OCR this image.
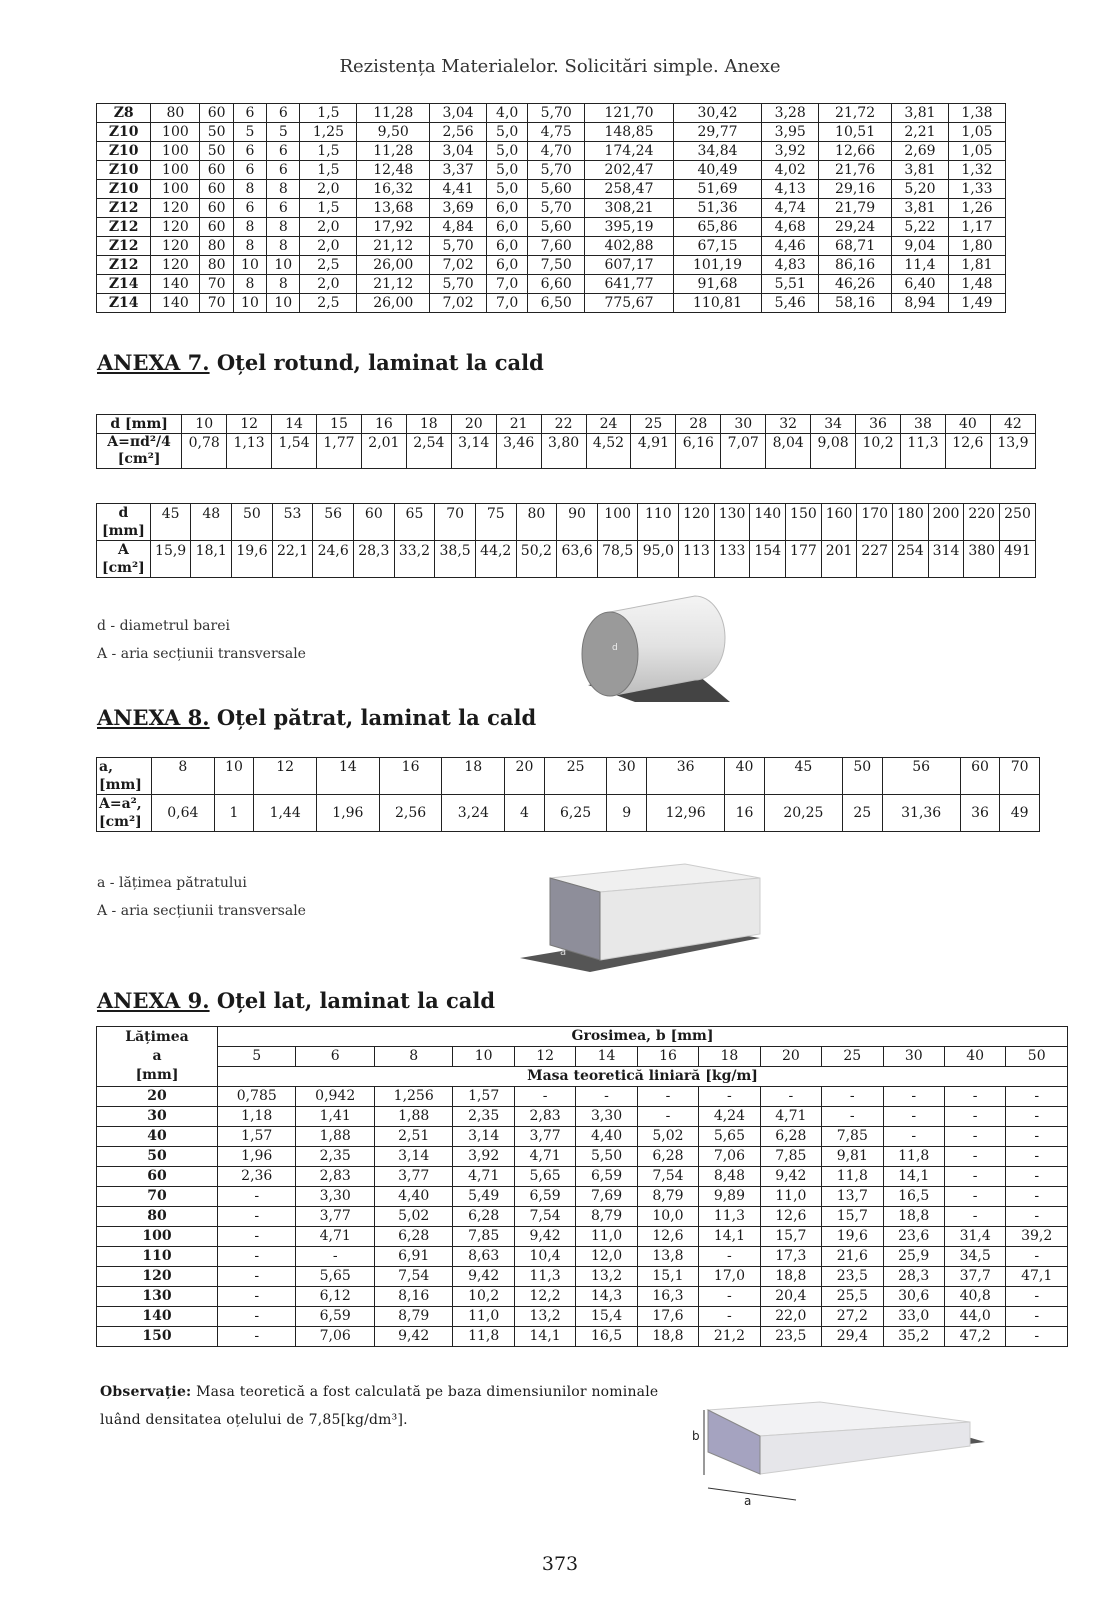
Rezistența Materialelor. Solicitări simple. Anexe
Z8	80	60	6	6	1,5	11,28	3,04	4,0	5,70	121,70	30,42	3,28	21,72	3,81	1,38
Z10	100	50	5	5	1,25	9,50	2,56	5,0	4,75	148,85	29,77	3,95	10,51	2,21	1,05
Z10	100	50	6	6	1,5	11,28	3,04	5,0	4,70	174,24	34,84	3,92	12,66	2,69	1,05
Z10	100	60	6	6	1,5	12,48	3,37	5,0	5,70	202,47	40,49	4,02	21,76	3,81	1,32
Z10	100	60	8	8	2,0	16,32	4,41	5,0	5,60	258,47	51,69	4,13	29,16	5,20	1,33
Z12	120	60	6	6	1,5	13,68	3,69	6,0	5,70	308,21	51,36	4,74	21,79	3,81	1,26
Z12	120	60	8	8	2,0	17,92	4,84	6,0	5,60	395,19	65,86	4,68	29,24	5,22	1,17
Z12	120	80	8	8	2,0	21,12	5,70	6,0	7,60	402,88	67,15	4,46	68,71	9,04	1,80
Z12	120	80	10	10	2,5	26,00	7,02	6,0	7,50	607,17	101,19	4,83	86,16	11,4	1,81
Z14	140	70	8	8	2,0	21,12	5,70	7,0	6,60	641,77	91,68	5,51	46,26	6,40	1,48
Z14	140	70	10	10	2,5	26,00	7,02	7,0	6,50	775,67	110,81	5,46	58,16	8,94	1,49
ANEXA 7. Oțel rotund, laminat la cald
d [mm]	10	12	14	15	16	18	20	21	22	24	25	28	30	32	34	36	38	40	42
A=πd²/4
[cm²]	0,78	1,13	1,54	1,77	2,01	2,54	3,14	3,46	3,80	4,52	4,91	6,16	7,07	8,04	9,08	10,2	11,3	12,6	13,9
d
[mm]	45	48	50	53	56	60	65	70	75	80	90	100	110	120	130	140	150	160	170	180	200	220	250
A
[cm²]	15,9	18,1	19,6	22,1	24,6	28,3	33,2	38,5	44,2	50,2	63,6	78,5	95,0	113	133	154	177	201	227	254	314	380	491
d - diametrul barei
A - aria secțiunii transversale	d
ANEXA 8. Oțel pătrat, laminat la cald
a,
[mm]	8	10	12	14	16	18	20	25	30	36	40	45	50	56	60	70
A=a²,
[cm²]	0,64	1	1,44	1,96	2,56	3,24	4	6,25	9	12,96	16	20,25	25	31,36	36	49
a - lățimea pătratului
A - aria secțiunii transversale
a
ANEXA 9. Oțel lat, laminat la cald
Lățimea
a
[mm]	Grosimea, b [mm]												
	5	6	8	10	12	14	16	18	20	25	30	40	50
	Masa teoretică liniară [kg/m]												
20	0,785	0,942	1,256	1,57	-	-	-	-	-	-	-	-	-
30	1,18	1,41	1,88	2,35	2,83	3,30	-	4,24	4,71	-	-	-	-
40	1,57	1,88	2,51	3,14	3,77	4,40	5,02	5,65	6,28	7,85	-	-	-
50	1,96	2,35	3,14	3,92	4,71	5,50	6,28	7,06	7,85	9,81	11,8	-	-
60	2,36	2,83	3,77	4,71	5,65	6,59	7,54	8,48	9,42	11,8	14,1	-	-
70	-	3,30	4,40	5,49	6,59	7,69	8,79	9,89	11,0	13,7	16,5	-	-
80	-	3,77	5,02	6,28	7,54	8,79	10,0	11,3	12,6	15,7	18,8	-	-
100	-	4,71	6,28	7,85	9,42	11,0	12,6	14,1	15,7	19,6	23,6	31,4	39,2
110	-	-	6,91	8,63	10,4	12,0	13,8	-	17,3	21,6	25,9	34,5	-
120	-	5,65	7,54	9,42	11,3	13,2	15,1	17,0	18,8	23,5	28,3	37,7	47,1
130	-	6,12	8,16	10,2	12,2	14,3	16,3	-	20,4	25,5	30,6	40,8	-
140	-	6,59	8,79	11,0	13,2	15,4	17,6	-	22,0	27,2	33,0	44,0	-
150	-	7,06	9,42	11,8	14,1	16,5	18,8	21,2	23,5	29,4	35,2	47,2	-
Observație: Masa teoretică a fost calculată pe baza dimensiunilor nominale luând densitatea oțelului de 7,85[kg/dm³].
b
a
373
